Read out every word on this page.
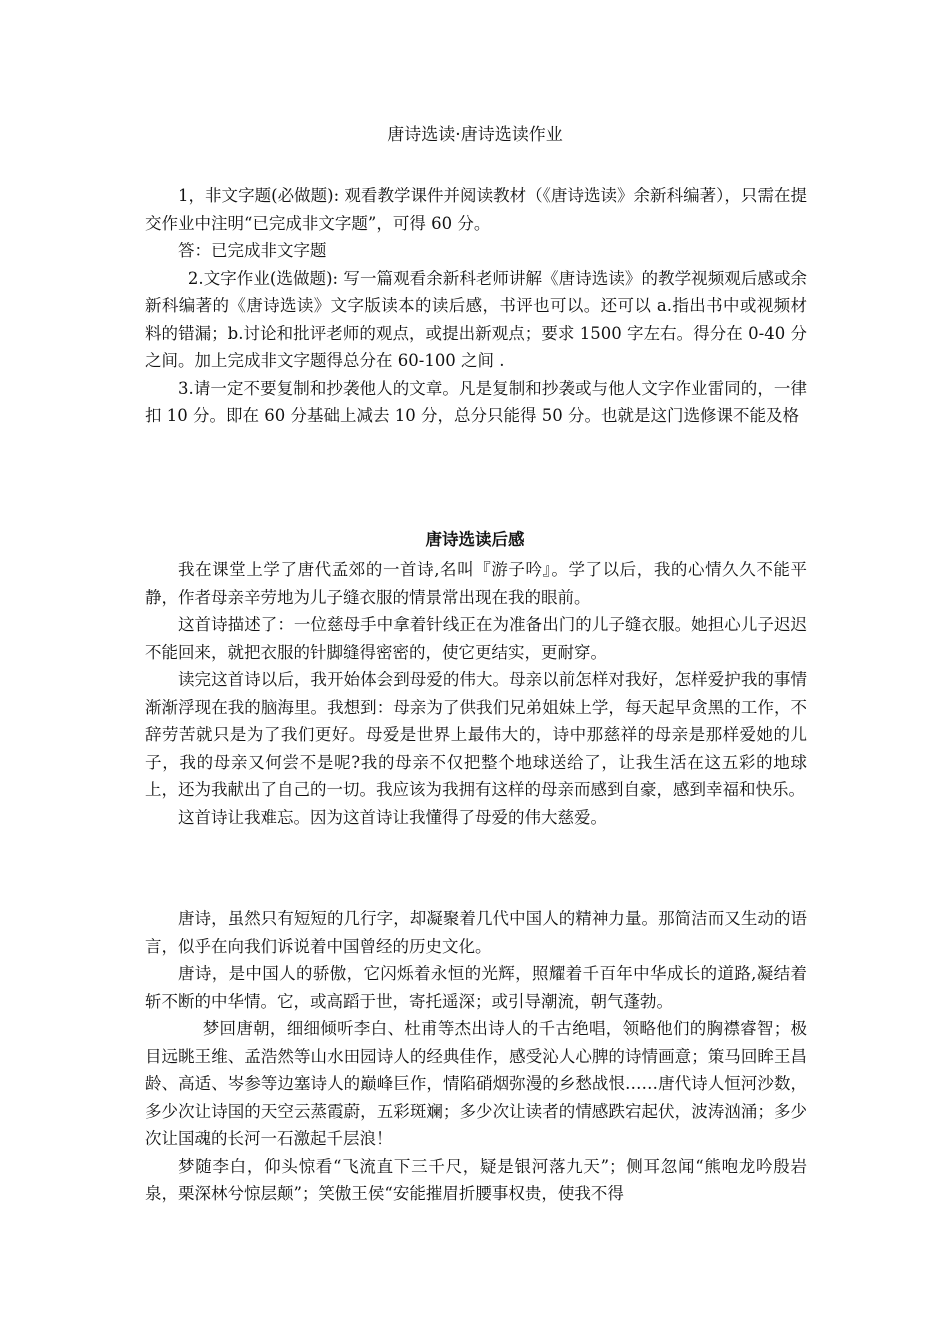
唐诗选读·唐诗选读作业

1，非文字题(必做题): 观看教学课件并阅读教材（《唐诗选读》余新科编著），只需在提交作业中注明“已完成非文字题”，可得 60 分。

答：已完成非文字题

2.文字作业(选做题): 写一篇观看余新科老师讲解《唐诗选读》的教学视频观后感或余新科编著的《唐诗选读》文字版读本的读后感，书评也可以。还可以 a.指出书中或视频材料的错漏；b.讨论和批评老师的观点，或提出新观点；要求 1500 字左右。得分在 0-40 分之间。加上完成非文字题得总分在 60-100 之间 .

3.请一定不要复制和抄袭他人的文章。凡是复制和抄袭或与他人文字作业雷同的，一律扣 10 分。即在 60 分基础上减去 10 分，总分只能得 50 分。也就是这门选修课不能及格

唐诗选读后感

我在课堂上学了唐代孟郊的一首诗,名叫『游子吟』。学了以后，我的心情久久不能平静，作者母亲辛劳地为儿子缝衣服的情景常出现在我的眼前。

这首诗描述了：一位慈母手中拿着针线正在为准备出门的儿子缝衣服。她担心儿子迟迟不能回来，就把衣服的针脚缝得密密的，使它更结实，更耐穿。

读完这首诗以后，我开始体会到母爱的伟大。母亲以前怎样对我好，怎样爱护我的事情渐渐浮现在我的脑海里。我想到：母亲为了供我们兄弟姐妹上学，每天起早贪黑的工作，不辞劳苦就只是为了我们更好。母爱是世界上最伟大的，诗中那慈祥的母亲是那样爱她的儿子，我的母亲又何尝不是呢?我的母亲不仅把整个地球送给了，让我生活在这五彩的地球上，还为我献出了自己的一切。我应该为我拥有这样的母亲而感到自豪，感到幸福和快乐。

这首诗让我难忘。因为这首诗让我懂得了母爱的伟大慈爱。

唐诗，虽然只有短短的几行字，却凝聚着几代中国人的精神力量。那简洁而又生动的语言，似乎在向我们诉说着中国曾经的历史文化。

唐诗，是中国人的骄傲，它闪烁着永恒的光辉，照耀着千百年中华成长的道路,凝结着斩不断的中华情。它，或高蹈于世，寄托遥深；或引导潮流，朝气蓬勃。

梦回唐朝，细细倾听李白、杜甫等杰出诗人的千古绝唱，领略他们的胸襟睿智；极目远眺王维、孟浩然等山水田园诗人的经典佳作，感受沁人心脾的诗情画意；策马回眸王昌龄、高适、岑参等边塞诗人的巅峰巨作，情陷硝烟弥漫的乡愁战恨……唐代诗人恒河沙数，多少次让诗国的天空云蒸霞蔚，五彩斑斓；多少次让读者的情感跌宕起伏，波涛汹涌；多少次让国魂的长河一石激起千层浪！

梦随李白，仰头惊看“飞流直下三千尺，疑是银河落九天”；侧耳忽闻“熊咆龙吟殷岩泉，栗深林兮惊层颠”；笑傲王侯“安能摧眉折腰事权贵，使我不得
